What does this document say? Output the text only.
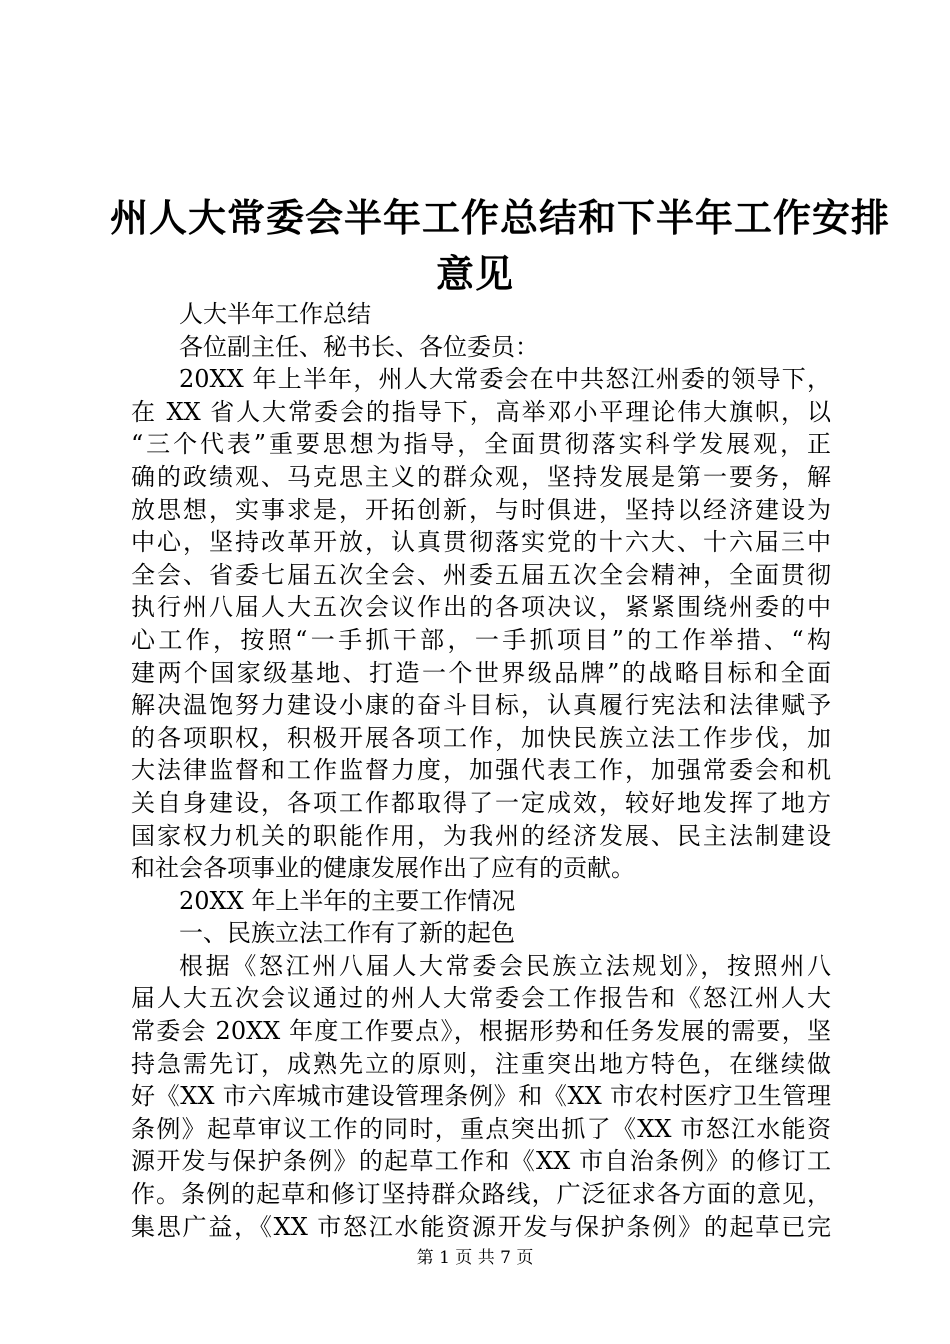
州人大常委会半年工作总结和下半年工作安排
意见
人大半年工作总结
各位副主任、秘书长、各位委员：
20XX 年上半年，州人大常委会在中共怒江州委的领导下，
在 XX 省人大常委会的指导下，高举邓小平理论伟大旗帜，以
“三个代表”重要思想为指导，全面贯彻落实科学发展观，正
确的政绩观、马克思主义的群众观，坚持发展是第一要务，解
放思想，实事求是，开拓创新，与时俱进，坚持以经济建设为
中心，坚持改革开放，认真贯彻落实党的十六大、十六届三中
全会、省委七届五次全会、州委五届五次全会精神，全面贯彻
执行州八届人大五次会议作出的各项决议，紧紧围绕州委的中
心工作，按照“一手抓干部，一手抓项目”的工作举措、“构
建两个国家级基地、打造一个世界级品牌”的战略目标和全面
解决温饱努力建设小康的奋斗目标，认真履行宪法和法律赋予
的各项职权，积极开展各项工作，加快民族立法工作步伐，加
大法律监督和工作监督力度，加强代表工作，加强常委会和机
关自身建设，各项工作都取得了一定成效，较好地发挥了地方
国家权力机关的职能作用，为我州的经济发展、民主法制建设
和社会各项事业的健康发展作出了应有的贡献。
20XX 年上半年的主要工作情况
一、民族立法工作有了新的起色
根据《怒江州八届人大常委会民族立法规划》，按照州八
届人大五次会议通过的州人大常委会工作报告和《怒江州人大
常委会 20XX 年度工作要点》，根据形势和任务发展的需要，坚
持急需先订，成熟先立的原则，注重突出地方特色，在继续做
好《XX 市六库城市建设管理条例》和《XX 市农村医疗卫生管理
条例》起草审议工作的同时，重点突出抓了《XX 市怒江水能资
源开发与保护条例》的起草工作和《XX 市自治条例》的修订工
作。条例的起草和修订坚持群众路线，广泛征求各方面的意见，
集思广益，《XX 市怒江水能资源开发与保护条例》的起草已完
第 1 页 共 7 页
